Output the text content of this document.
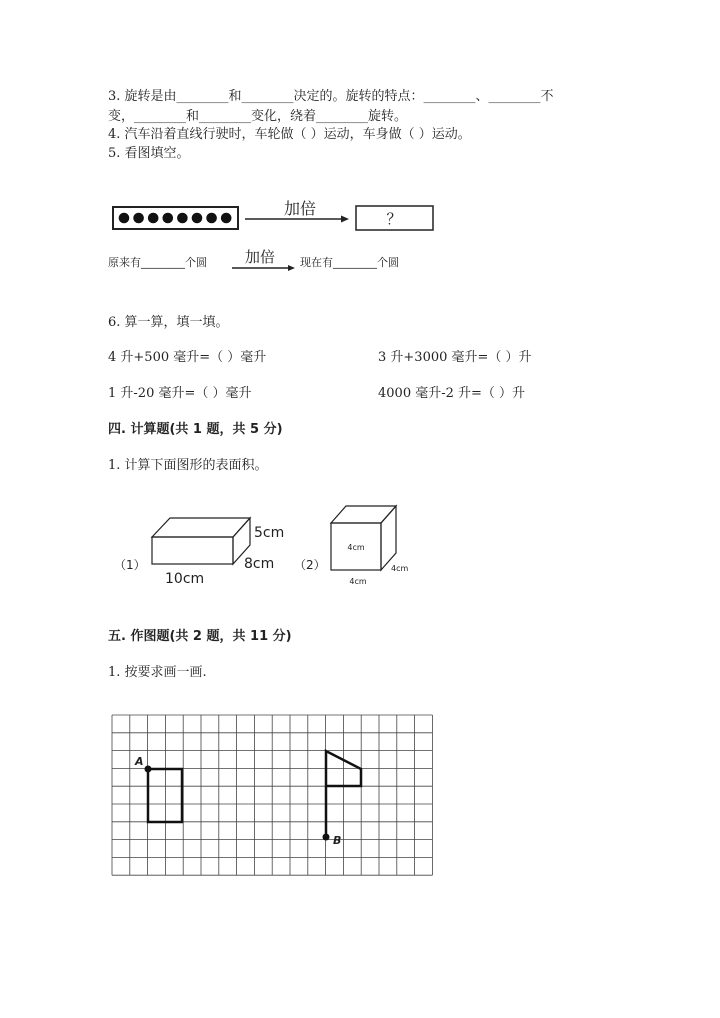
3. 旋转是由________和________决定的。旋转的特点：________、________不
变，________和________变化，绕着________旋转。
4. 汽车沿着直线行驶时，车轮做（ ）运动，车身做（ ）运动。
5. 看图填空。
加倍
？
原来有________个圆	加倍 现在有________个圆
6. 算一算，填一填。
4 升+500 毫升=（ ）毫升	3 升+3000 毫升=（ ）升
1 升-20 毫升=（ ）毫升	4000 毫升-2 升=（ ）升
四. 计算题(共 1 题，共 5 分)
1. 计算下面图形的表面积。
（1）
5cm
8cm
10cm
（2）
4cm
4cm
4cm
五. 作图题(共 2 题，共 11 分)
1. 按要求画一画.
A
B
